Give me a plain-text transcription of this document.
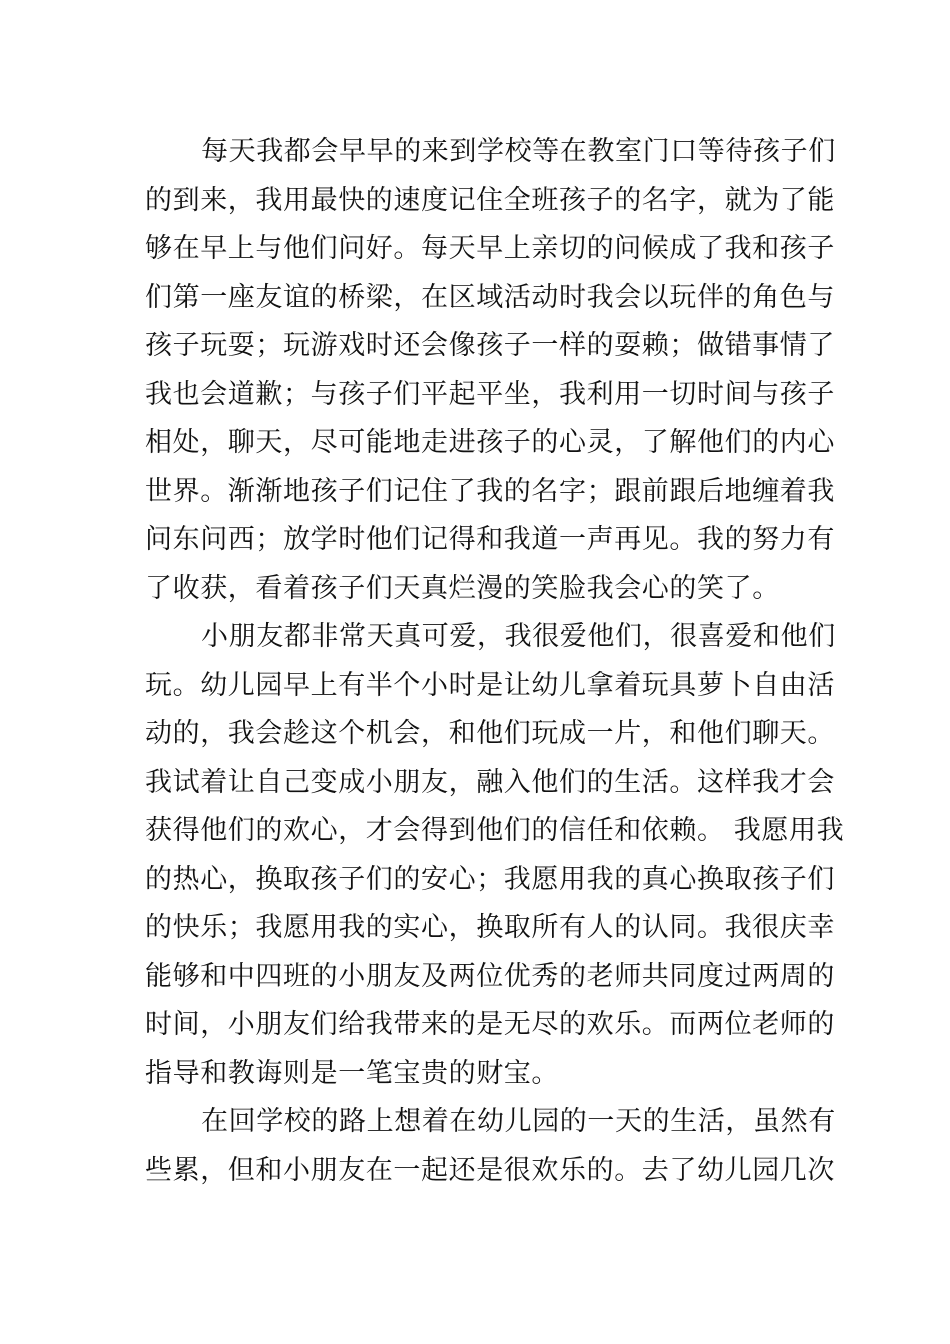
每天我都会早早的来到学校等在教室门口等待孩子们
的到来，我用最快的速度记住全班孩子的名字，就为了能
够在早上与他们问好。每天早上亲切的问候成了我和孩子
们第一座友谊的桥梁，在区域活动时我会以玩伴的角色与
孩子玩耍；玩游戏时还会像孩子一样的耍赖；做错事情了
我也会道歉；与孩子们平起平坐，我利用一切时间与孩子
相处，聊天，尽可能地走进孩子的心灵，了解他们的内心
世界。渐渐地孩子们记住了我的名字；跟前跟后地缠着我
问东问西；放学时他们记得和我道一声再见。我的努力有
了收获，看着孩子们天真烂漫的笑脸我会心的笑了。
小朋友都非常天真可爱，我很爱他们，很喜爱和他们
玩。幼儿园早上有半个小时是让幼儿拿着玩具萝卜自由活
动的，我会趁这个机会，和他们玩成一片，和他们聊天。
我试着让自己变成小朋友，融入他们的生活。这样我才会
获得他们的欢心，才会得到他们的信任和依赖。 我愿用我
的热心，换取孩子们的安心；我愿用我的真心换取孩子们
的快乐；我愿用我的实心，换取所有人的认同。我很庆幸
能够和中四班的小朋友及两位优秀的老师共同度过两周的
时间，小朋友们给我带来的是无尽的欢乐。而两位老师的
指导和教诲则是一笔宝贵的财宝。
在回学校的路上想着在幼儿园的一天的生活，虽然有
些累，但和小朋友在一起还是很欢乐的。去了幼儿园几次
